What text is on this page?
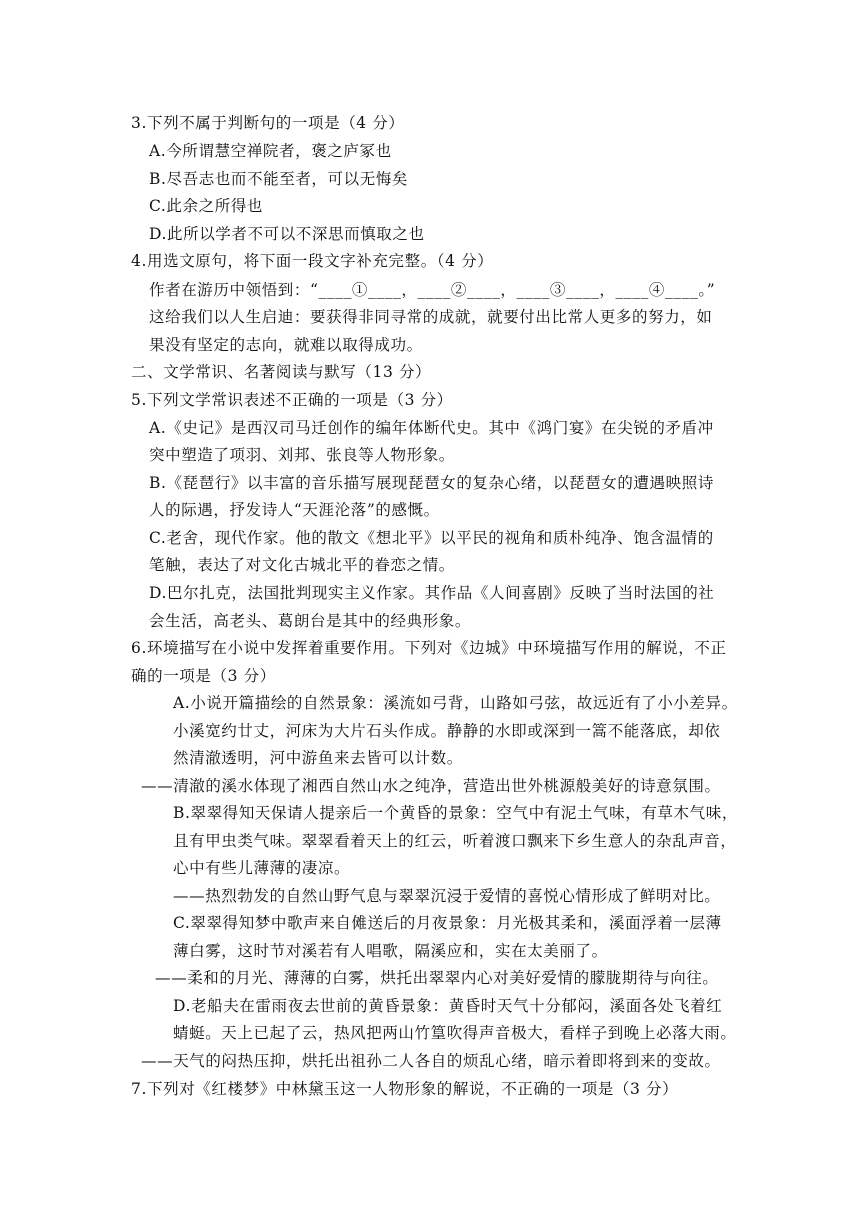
3.下列不属于判断句的一项是（4 分）
A.今所谓慧空禅院者，褒之庐冢也
B.尽吾志也而不能至者，可以无悔矣
C.此余之所得也
D.此所以学者不可以不深思而慎取之也
4.用选文原句，将下面一段文字补充完整。（4 分）
作者在游历中领悟到：“____①____，____②____，____③____，____④____。”
这给我们以人生启迪：要获得非同寻常的成就，就要付出比常人更多的努力，如
果没有坚定的志向，就难以取得成功。
二、文学常识、名著阅读与默写（13 分）
5.下列文学常识表述不正确的一项是（3 分）
A.《史记》是西汉司马迁创作的编年体断代史。其中《鸿门宴》在尖锐的矛盾冲
突中塑造了项羽、刘邦、张良等人物形象。
B.《琵琶行》以丰富的音乐描写展现琵琶女的复杂心绪，以琵琶女的遭遇映照诗
人的际遇，抒发诗人“天涯沦落”的感慨。
C.老舍，现代作家。他的散文《想北平》以平民的视角和质朴纯净、饱含温情的
笔触，表达了对文化古城北平的眷恋之情。
D.巴尔扎克，法国批判现实主义作家。其作品《人间喜剧》反映了当时法国的社
会生活，高老头、葛朗台是其中的经典形象。
6.环境描写在小说中发挥着重要作用。下列对《边城》中环境描写作用的解说，不正
确的一项是（3 分）
A.小说开篇描绘的自然景象：溪流如弓背，山路如弓弦，故远近有了小小差异。
小溪宽约廿丈，河床为大片石头作成。静静的水即或深到一篙不能落底，却依
然清澈透明，河中游鱼来去皆可以计数。
——清澈的溪水体现了湘西自然山水之纯净，营造出世外桃源般美好的诗意氛围。
B.翠翠得知天保请人提亲后一个黄昏的景象：空气中有泥土气味，有草木气味，
且有甲虫类气味。翠翠看着天上的红云，听着渡口飘来下乡生意人的杂乱声音，
心中有些儿薄薄的凄凉。
——热烈勃发的自然山野气息与翠翠沉浸于爱情的喜悦心情形成了鲜明对比。
C.翠翠得知梦中歌声来自傩送后的月夜景象：月光极其柔和，溪面浮着一层薄
薄白雾，这时节对溪若有人唱歌，隔溪应和，实在太美丽了。
——柔和的月光、薄薄的白雾，烘托出翠翠内心对美好爱情的朦胧期待与向往。
D.老船夫在雷雨夜去世前的黄昏景象：黄昏时天气十分郁闷，溪面各处飞着红
蜻蜓。天上已起了云，热风把两山竹篁吹得声音极大，看样子到晚上必落大雨。
——天气的闷热压抑，烘托出祖孙二人各自的烦乱心绪，暗示着即将到来的变故。
7.下列对《红楼梦》中林黛玉这一人物形象的解说，不正确的一项是（3 分）
